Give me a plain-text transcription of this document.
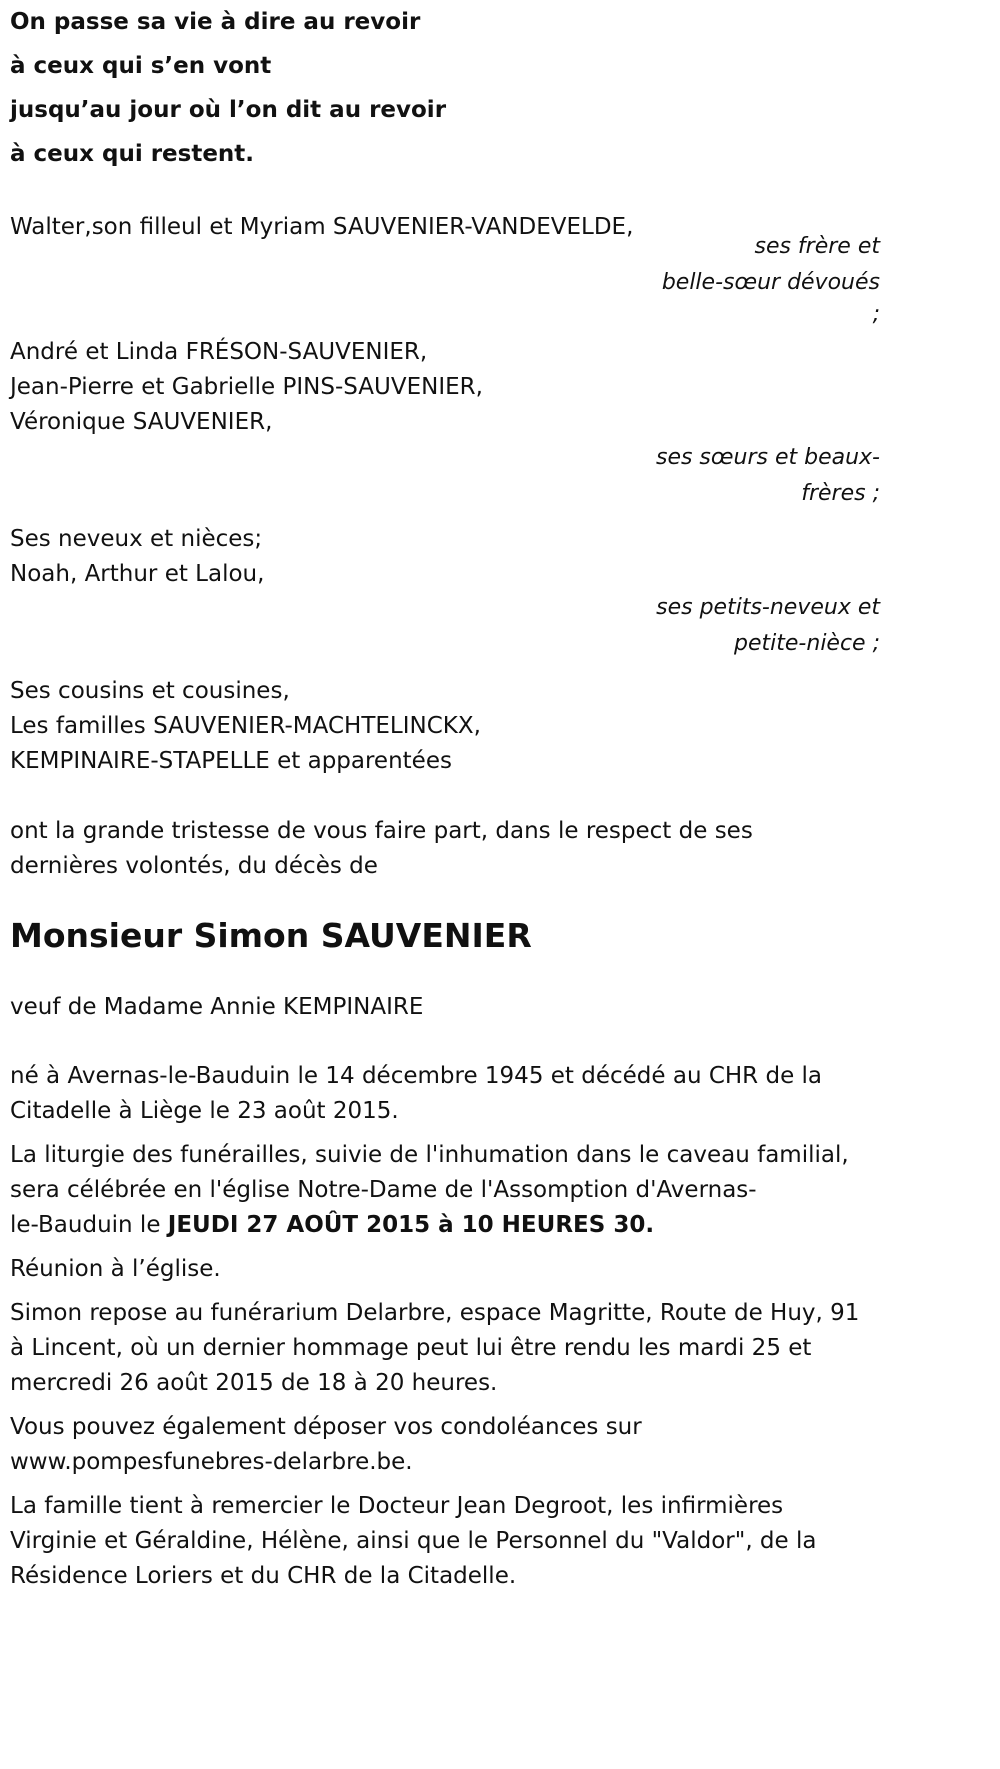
On passe sa vie à dire au revoir
à ceux qui s’en vont
jusqu’au jour où l’on dit au revoir
à ceux qui restent.
Walter,son filleul et Myriam SAUVENIER-VANDEVELDE,
ses frère et
belle-sœur dévoués
;
André et Linda FRÉSON-SAUVENIER,
Jean-Pierre et Gabrielle PINS-SAUVENIER,
Véronique SAUVENIER,
ses sœurs et beaux-
frères ;
Ses neveux et nièces;
Noah, Arthur et Lalou,
ses petits-neveux et
petite-nièce ;
Ses cousins et cousines,
Les familles SAUVENIER-MACHTELINCKX,
KEMPINAIRE-STAPELLE et apparentées
ont la grande tristesse de vous faire part, dans le respect de ses
dernières volontés, du décès de
Monsieur Simon SAUVENIER
veuf de Madame Annie KEMPINAIRE
né à Avernas-le-Bauduin le 14 décembre 1945 et décédé au CHR de la
Citadelle à Liège le 23 août 2015.
La liturgie des funérailles, suivie de l'inhumation dans le caveau familial,
sera célébrée en l'église Notre-Dame de l'Assomption d'Avernas-
le-Bauduin le JEUDI 27 AOÛT 2015 à 10 HEURES 30.
Réunion à l’église.
Simon repose au funérarium Delarbre, espace Magritte, Route de Huy, 91
à Lincent, où un dernier hommage peut lui être rendu les mardi 25 et
mercredi 26 août 2015 de 18 à 20 heures.
Vous pouvez également déposer vos condoléances sur
www.pompesfunebres-delarbre.be.
La famille tient à remercier le Docteur Jean Degroot, les infirmières
Virginie et Géraldine, Hélène, ainsi que le Personnel du "Valdor", de la
Résidence Loriers et du CHR de la Citadelle.
